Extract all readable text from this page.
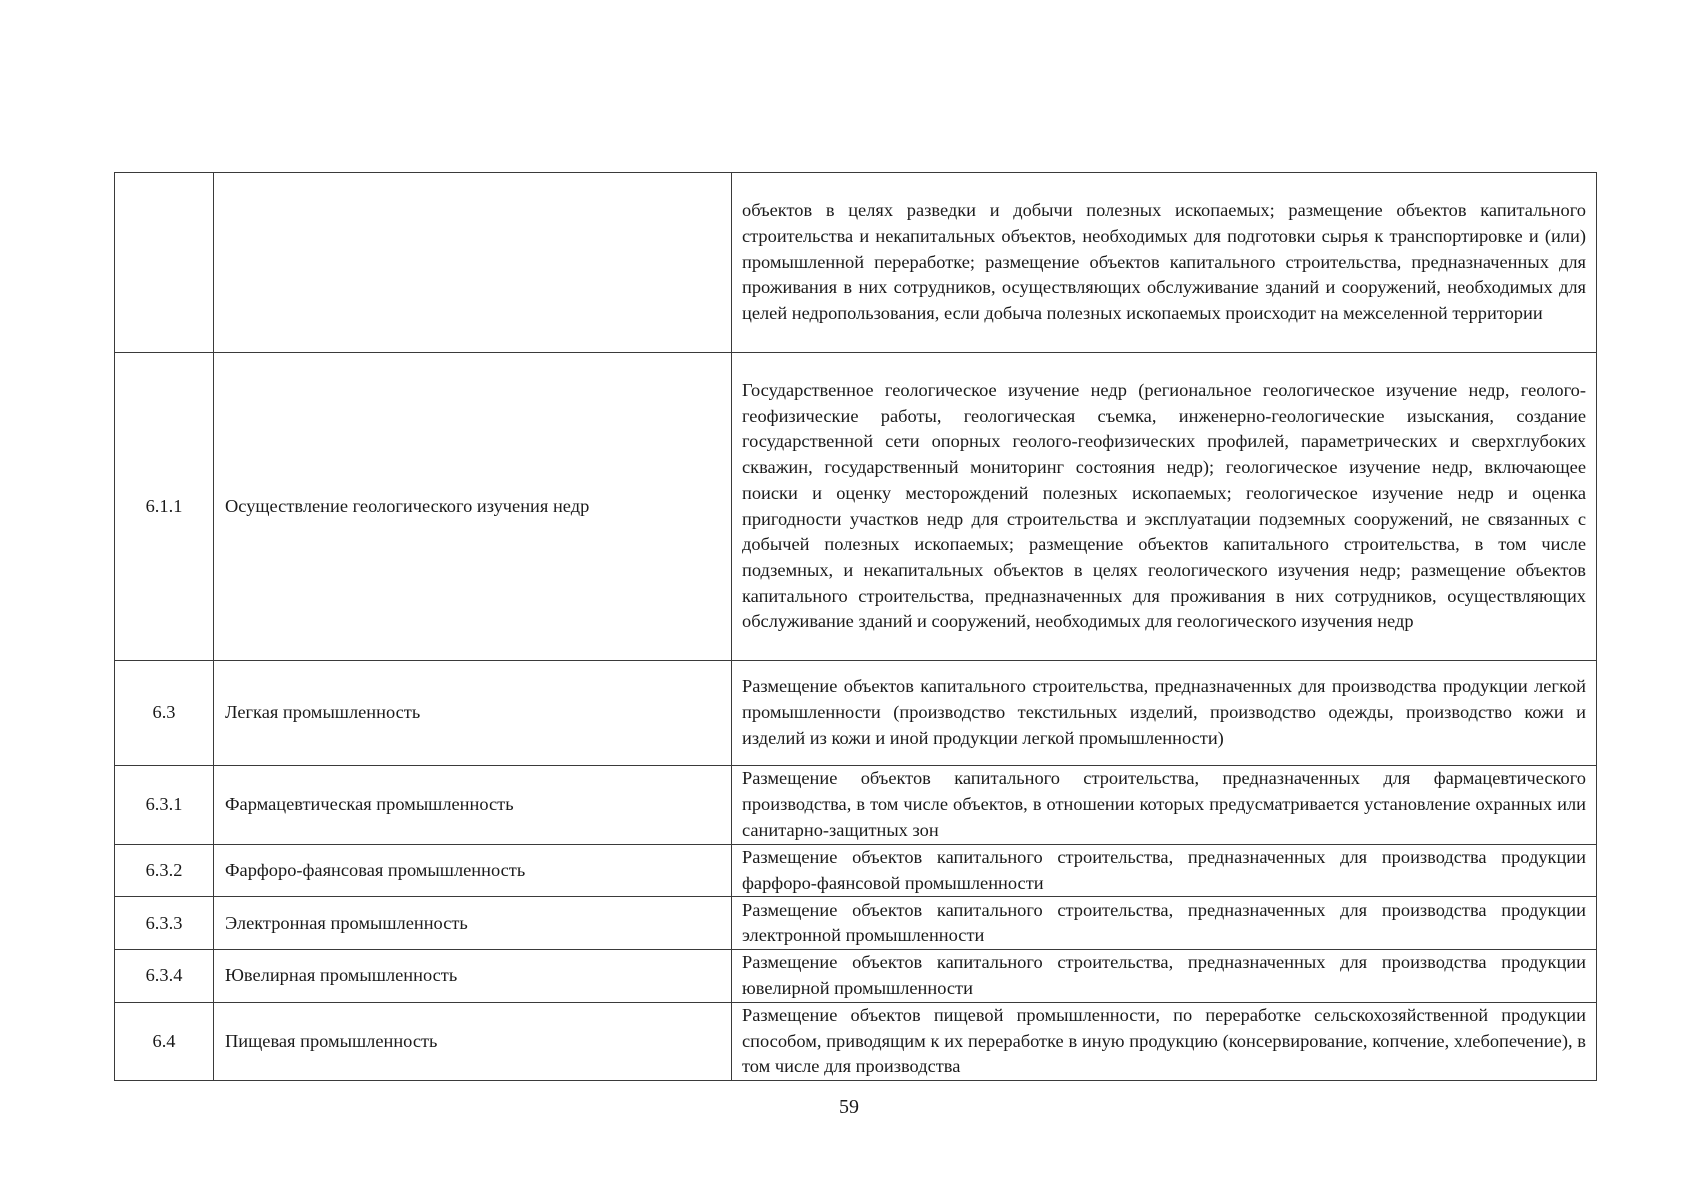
		объектов в целях разведки и добычи полезных ископаемых; размещение объектов капитального строительства и некапитальных объектов, необходимых для подготовки сырья к транспортировке и (или) промышленной переработке; размещение объектов капитального строительства, предназначенных для проживания в них сотрудников, осуществляющих обслуживание зданий и сооружений, необходимых для целей недропользования, если добыча полезных ископаемых происходит на межселенной территории
6.1.1	Осуществление геологического изучения недр	Государственное геологическое изучение недр (региональное геологическое изучение недр, геолого-геофизические работы, геологическая съемка, инженерно-геологические изыскания, создание государственной сети опорных геолого-геофизических профилей, параметрических и сверхглубоких скважин, государственный мониторинг состояния недр); геологическое изучение недр, включающее поиски и оценку месторождений полезных ископаемых; геологическое изучение недр и оценка пригодности участков недр для строительства и эксплуатации подземных сооружений, не связанных с добычей полезных ископаемых; размещение объектов капитального строительства, в том числе подземных, и некапитальных объектов в целях геологического изучения недр; размещение объектов капитального строительства, предназначенных для проживания в них сотрудников, осуществляющих обслуживание зданий и сооружений, необходимых для геологического изучения недр
6.3	Легкая промышленность	Размещение объектов капитального строительства, предназначенных для производства продукции легкой промышленности (производство текстильных изделий, производство одежды, производство кожи и изделий из кожи и иной продукции легкой промышленности)
6.3.1	Фармацевтическая промышленность	Размещение объектов капитального строительства, предназначенных для фармацевтического производства, в том числе объектов, в отношении которых предусматривается установление охранных или санитарно-защитных зон
6.3.2	Фарфоро-фаянсовая промышленность	Размещение объектов капитального строительства, предназначенных для производства продукции фарфоро-фаянсовой промышленности
6.3.3	Электронная промышленность	Размещение объектов капитального строительства, предназначенных для производства продукции электронной промышленности
6.3.4	Ювелирная промышленность	Размещение объектов капитального строительства, предназначенных для производства продукции ювелирной промышленности
6.4	Пищевая промышленность	Размещение объектов пищевой промышленности, по переработке сельскохозяйственной продукции способом, приводящим к их переработке в иную продукцию (консервирование, копчение, хлебопечение), в том числе для производства
59
